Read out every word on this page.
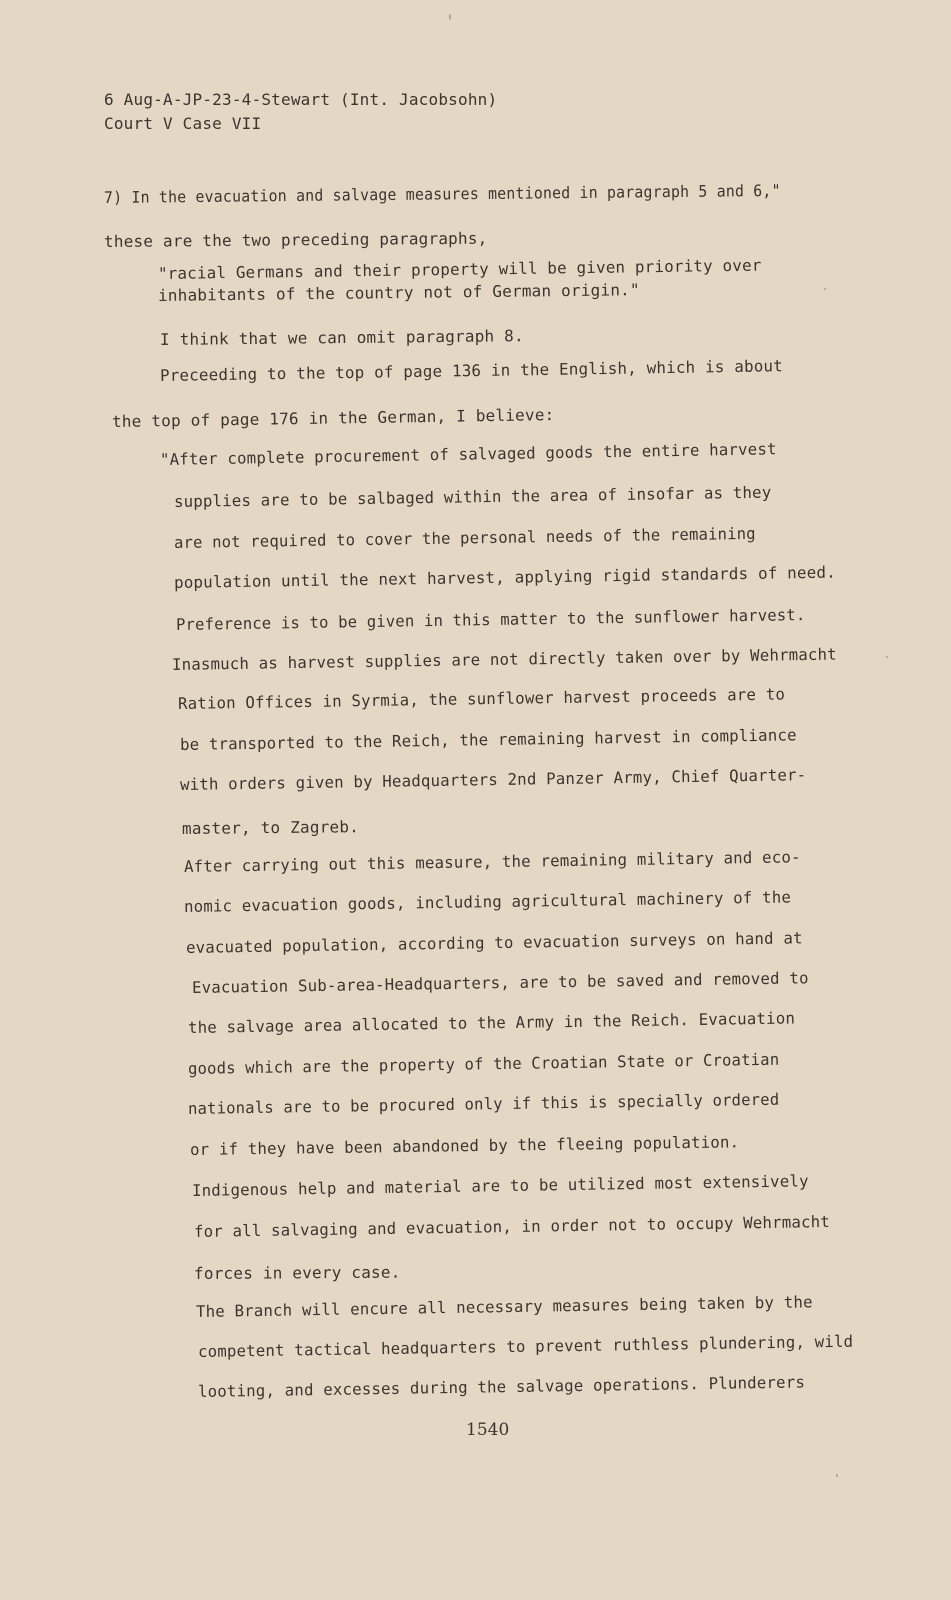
6 Aug-A-JP-23-4-Stewart (Int. Jacobsohn)
Court V Case VII
7) In the evacuation and salvage measures mentioned in paragraph 5 and 6,"
these are the two preceding paragraphs,
"racial Germans and their property will be given priority over
inhabitants of the country not of German origin."
I think that we can omit paragraph 8.
Preceeding to the top of page 136 in the English, which is about
the top of page 176 in the German, I believe:
"After complete procurement of salvaged goods the entire harvest
supplies are to be salbaged within the area of insofar as they
are not required to cover the personal needs of the remaining
population until the next harvest, applying rigid standards of need.
Preference is to be given in this matter to the sunflower harvest.
Inasmuch as harvest supplies are not directly taken over by Wehrmacht
Ration Offices in Syrmia, the sunflower harvest proceeds are to
be transported to the Reich, the remaining harvest in compliance
with orders given by Headquarters 2nd Panzer Army, Chief Quarter-
master, to Zagreb.
After carrying out this measure, the remaining military and eco-
nomic evacuation goods, including agricultural machinery of the
evacuated population, according to evacuation surveys on hand at
Evacuation Sub-area-Headquarters, are to be saved and removed to
the salvage area allocated to the Army in the Reich. Evacuation
goods which are the property of the Croatian State or Croatian
nationals are to be procured only if this is specially ordered
or if they have been abandoned by the fleeing population.
Indigenous help and material are to be utilized most extensively
for all salvaging and evacuation, in order not to occupy Wehrmacht
forces in every case.
The Branch will encure all necessary measures being taken by the
competent tactical headquarters to prevent ruthless plundering, wild
looting, and excesses during the salvage operations. Plunderers
1540
